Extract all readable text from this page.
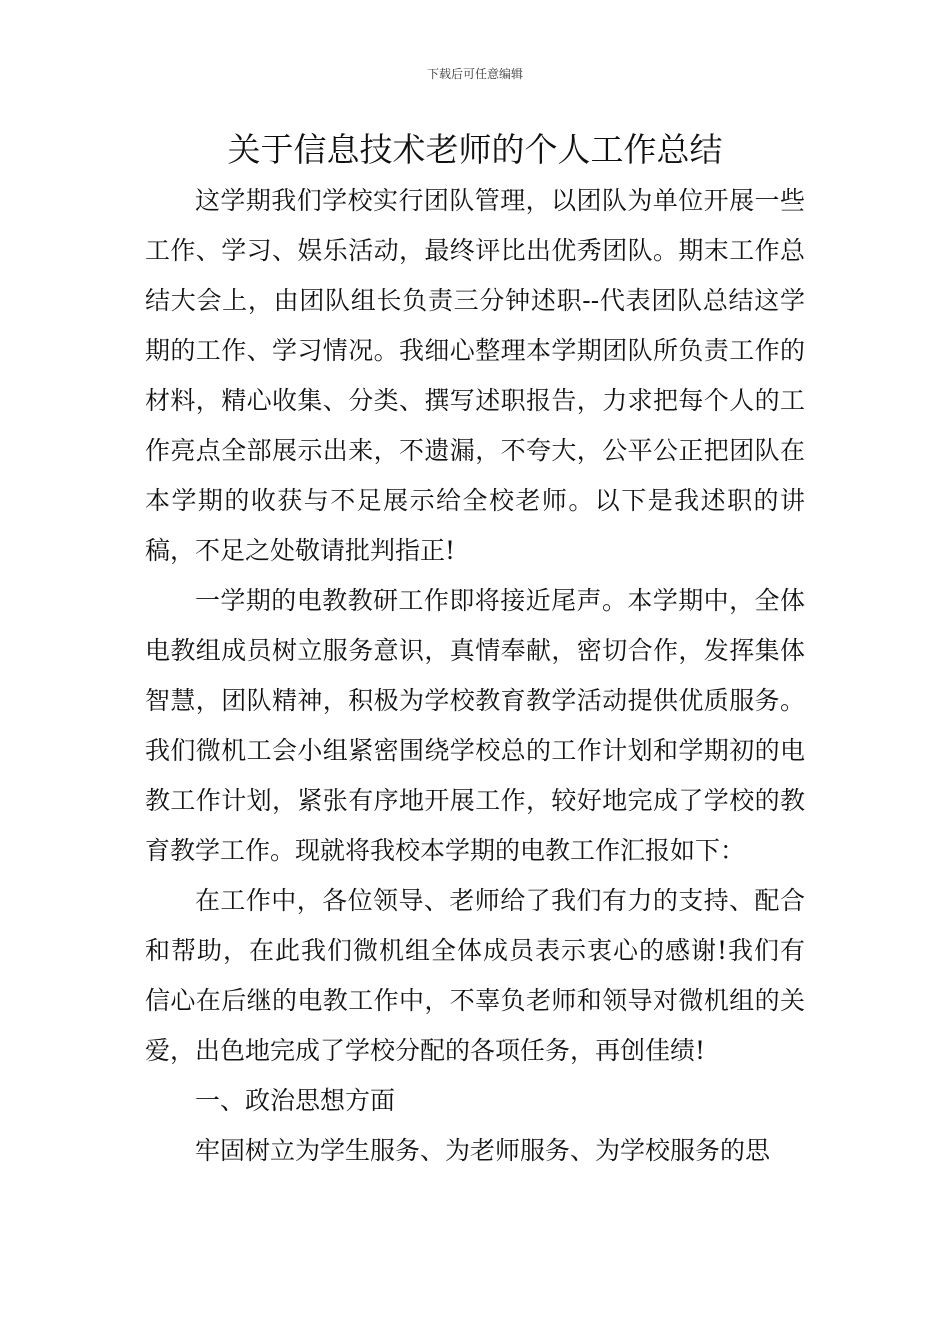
下载后可任意编辑
关于信息技术老师的个人工作总结

这学期我们学校实行团队管理，以团队为单位开展一些工作、学习、娱乐活动，最终评比出优秀团队。期末工作总结大会上，由团队组长负责三分钟述职--代表团队总结这学期的工作、学习情况。我细心整理本学期团队所负责工作的材料，精心收集、分类、撰写述职报告，力求把每个人的工作亮点全部展示出来，不遗漏，不夸大，公平公正把团队在本学期的收获与不足展示给全校老师。以下是我述职的讲稿，不足之处敬请批判指正!

一学期的电教教研工作即将接近尾声。本学期中，全体电教组成员树立服务意识，真情奉献，密切合作，发挥集体智慧，团队精神，积极为学校教育教学活动提供优质服务。我们微机工会小组紧密围绕学校总的工作计划和学期初的电教工作计划，紧张有序地开展工作，较好地完成了学校的教育教学工作。现就将我校本学期的电教工作汇报如下：

在工作中，各位领导、老师给了我们有力的支持、配合和帮助，在此我们微机组全体成员表示衷心的感谢!我们有信心在后继的电教工作中，不辜负老师和领导对微机组的关爱，出色地完成了学校分配的各项任务，再创佳绩!

一、政治思想方面

牢固树立为学生服务、为老师服务、为学校服务的思
